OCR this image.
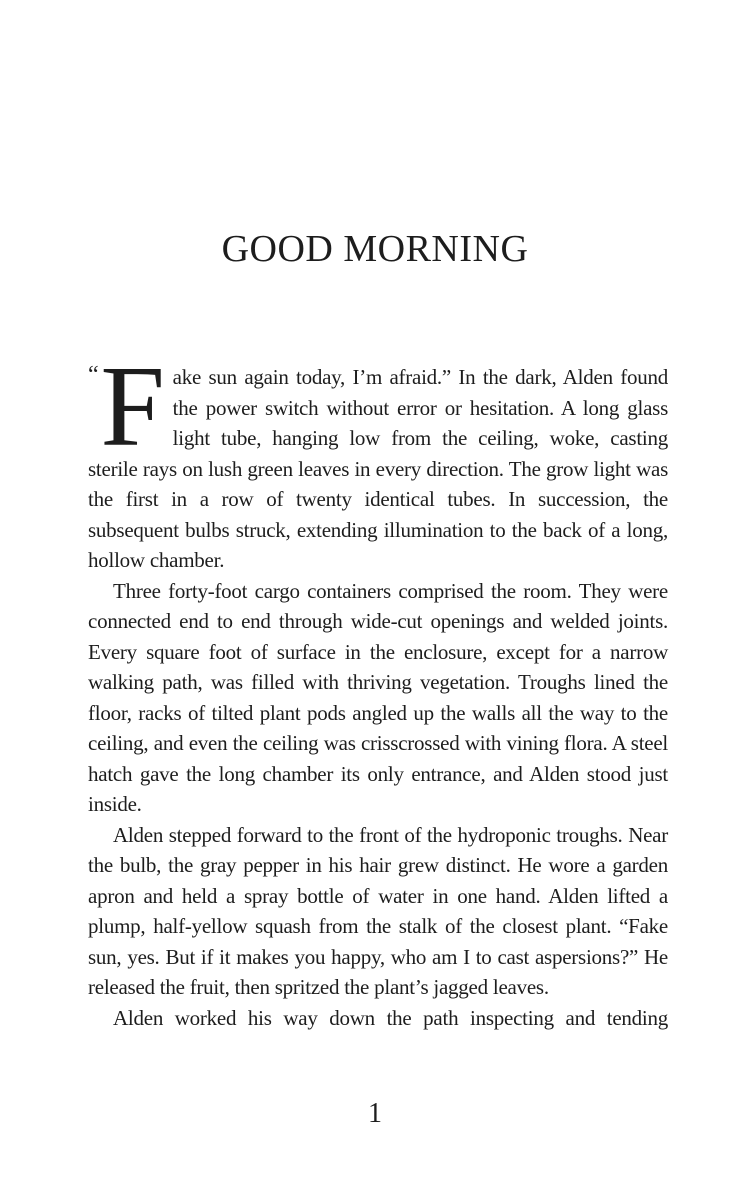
GOOD MORNING

“ F ake sun again today, I’m afraid.” In the dark, Alden found the power switch without error or hesitation. A long glass light tube, hanging low from the ceiling, woke, casting sterile rays on lush green leaves in every direction. The grow light was the first in a row of twenty identical tubes. In succession, the subsequent bulbs struck, extending illumination to the back of a long, hollow chamber.

Three forty-foot cargo containers comprised the room. They were connected end to end through wide-cut openings and welded joints. Every square foot of surface in the enclosure, except for a narrow walking path, was filled with thriving vegetation. Troughs lined the floor, racks of tilted plant pods angled up the walls all the way to the ceiling, and even the ceiling was crisscrossed with vining flora. A steel hatch gave the long chamber its only entrance, and Alden stood just inside.

Alden stepped forward to the front of the hydroponic troughs. Near the bulb, the gray pepper in his hair grew distinct. He wore a garden apron and held a spray bottle of water in one hand. Alden lifted a plump, half-yellow squash from the stalk of the closest plant. “Fake sun, yes. But if it makes you happy, who am I to cast aspersions?” He released the fruit, then spritzed the plant’s jagged leaves.

Alden worked his way down the path inspecting and tending

1
